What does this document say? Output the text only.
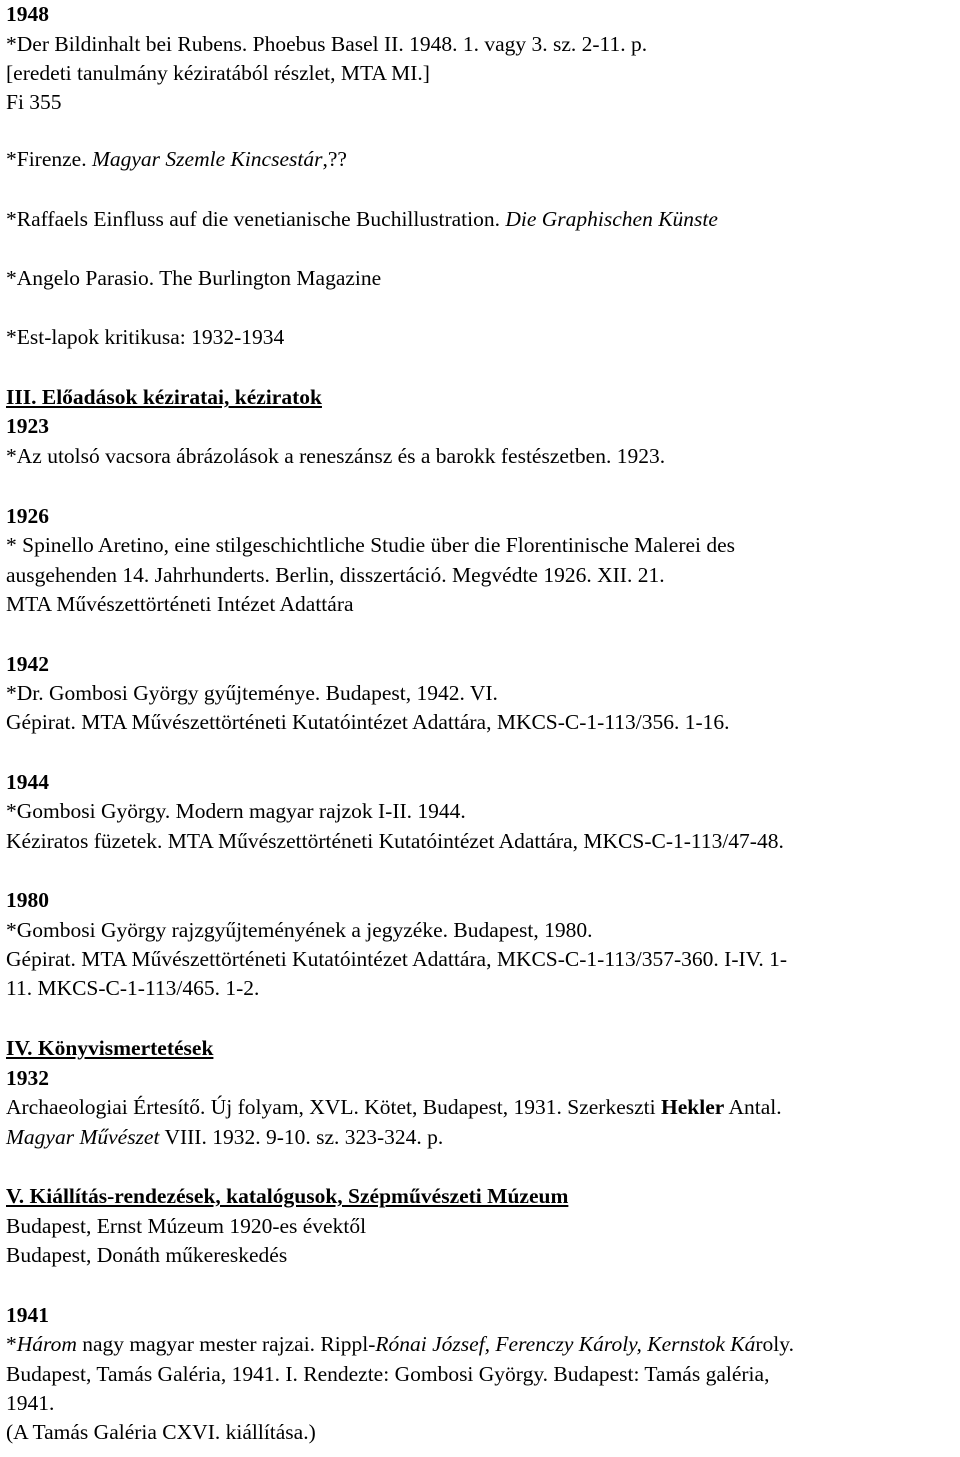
1948
*Der Bildinhalt bei Rubens. Phoebus Basel II. 1948. 1. vagy 3. sz. 2-11. p.
[eredeti tanulmány kéziratából részlet, MTA MI.]
Fi 355
*Firenze. Magyar Szemle Kincsestár,??
*Raffaels Einfluss auf die venetianische Buchillustration. Die Graphischen Künste
*Angelo Parasio. The Burlington Magazine
*Est-lapok kritikusa: 1932-1934
III. Előadások kéziratai, kéziratok
1923
*Az utolsó vacsora ábrázolások a reneszánsz és a barokk festészetben. 1923.
1926
* Spinello Aretino, eine stilgeschichtliche Studie über die Florentinische Malerei des
ausgehenden 14. Jahrhunderts. Berlin, disszertáció. Megvédte 1926. XII. 21.
MTA Művészettörténeti Intézet Adattára
1942
*Dr. Gombosi György gyűjteménye. Budapest, 1942. VI.
Gépirat. MTA Művészettörténeti Kutatóintézet Adattára, MKCS-C-1-113/356. 1-16.
1944
*Gombosi György. Modern magyar rajzok I-II. 1944.
Kéziratos füzetek. MTA Művészettörténeti Kutatóintézet Adattára, MKCS-C-1-113/47-48.
1980
*Gombosi György rajzgyűjteményének a jegyzéke. Budapest, 1980.
Gépirat. MTA Művészettörténeti Kutatóintézet Adattára, MKCS-C-1-113/357-360. I-IV. 1-
11. MKCS-C-1-113/465. 1-2.
IV. Könyvismertetések
1932
Archaeologiai Értesítő. Új folyam, XVL. Kötet, Budapest, 1931. Szerkeszti Hekler Antal.
Magyar Művészet VIII. 1932. 9-10. sz. 323-324. p.
V. Kiállítás-rendezések, katalógusok, Szépművészeti Múzeum
Budapest, Ernst Múzeum 1920-es évektől
Budapest, Donáth műkereskedés
1941
*Három nagy magyar mester rajzai. Rippl-Rónai József, Ferenczy Károly, Kernstok Károly.
Budapest, Tamás Galéria, 1941. I. Rendezte: Gombosi György. Budapest: Tamás galéria,
1941.
(A Tamás Galéria CXVI. kiállítása.)
